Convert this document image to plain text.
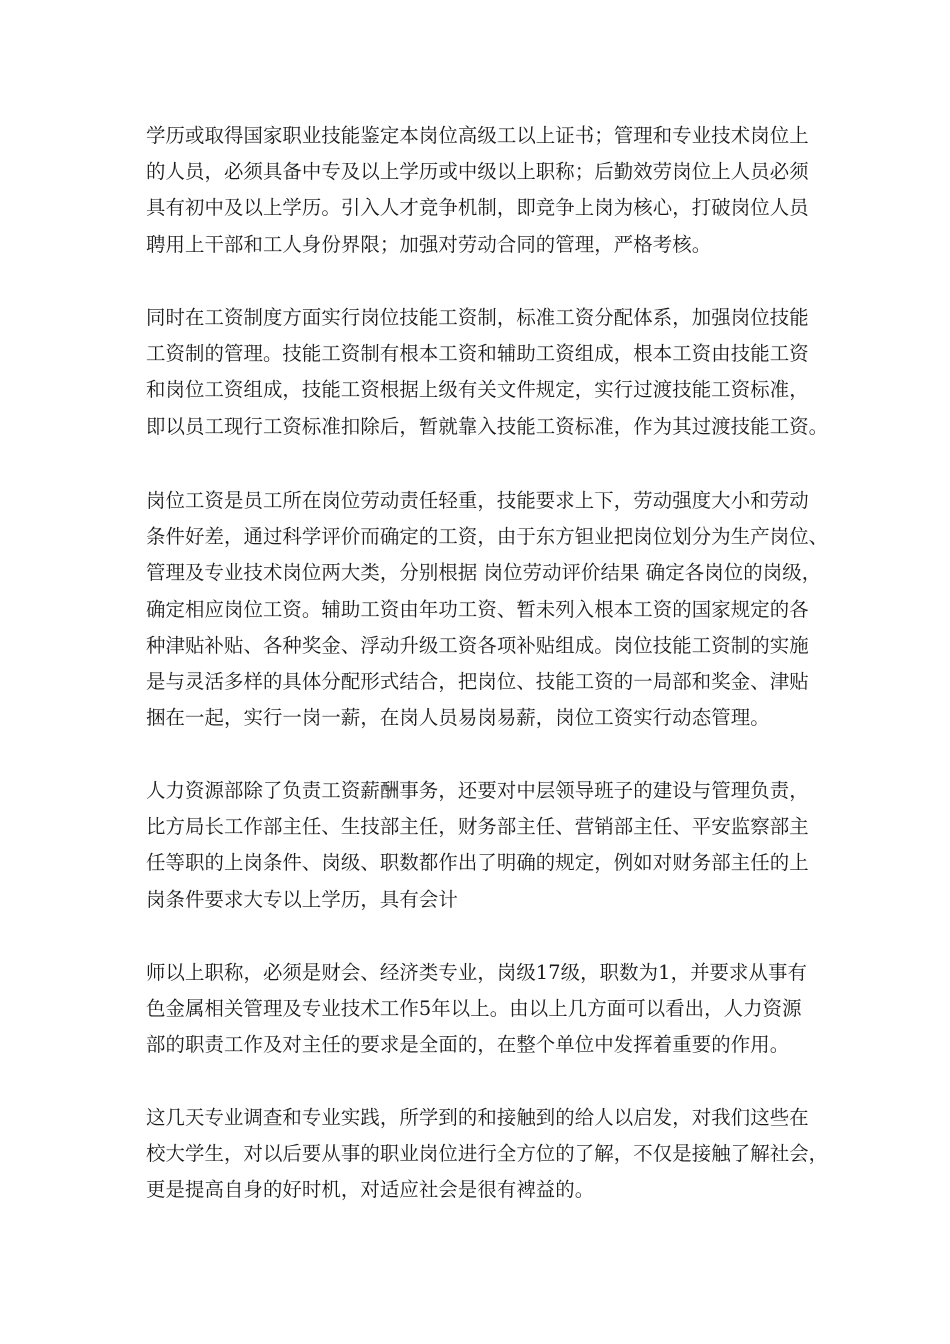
学历或取得国家职业技能鉴定本岗位高级工以上证书；管理和专业技术岗位上
的人员，必须具备中专及以上学历或中级以上职称；后勤效劳岗位上人员必须
具有初中及以上学历。引入人才竞争机制，即竞争上岗为核心，打破岗位人员
聘用上干部和工人身份界限；加强对劳动合同的管理，严格考核。
同时在工资制度方面实行岗位技能工资制，标准工资分配体系，加强岗位技能
工资制的管理。技能工资制有根本工资和辅助工资组成，根本工资由技能工资
和岗位工资组成，技能工资根据上级有关文件规定，实行过渡技能工资标准，
即以员工现行工资标准扣除后，暂就靠入技能工资标准，作为其过渡技能工资。
岗位工资是员工所在岗位劳动责任轻重，技能要求上下，劳动强度大小和劳动
条件好差，通过科学评价而确定的工资，由于东方钽业把岗位划分为生产岗位、
管理及专业技术岗位两大类，分别根据 岗位劳动评价结果 确定各岗位的岗级，
确定相应岗位工资。辅助工资由年功工资、暂未列入根本工资的国家规定的各
种津贴补贴、各种奖金、浮动升级工资各项补贴组成。岗位技能工资制的实施
是与灵活多样的具体分配形式结合，把岗位、技能工资的一局部和奖金、津贴
捆在一起，实行一岗一薪，在岗人员易岗易薪，岗位工资实行动态管理。
人力资源部除了负责工资薪酬事务，还要对中层领导班子的建设与管理负责，
比方局长工作部主任、生技部主任，财务部主任、营销部主任、平安监察部主
任等职的上岗条件、岗级、职数都作出了明确的规定，例如对财务部主任的上
岗条件要求大专以上学历，具有会计
师以上职称，必须是财会、经济类专业，岗级17级，职数为1，并要求从事有
色金属相关管理及专业技术工作5年以上。由以上几方面可以看出，人力资源
部的职责工作及对主任的要求是全面的，在整个单位中发挥着重要的作用。
这几天专业调查和专业实践，所学到的和接触到的给人以启发，对我们这些在
校大学生，对以后要从事的职业岗位进行全方位的了解，不仅是接触了解社会，
更是提高自身的好时机，对适应社会是很有裨益的。
